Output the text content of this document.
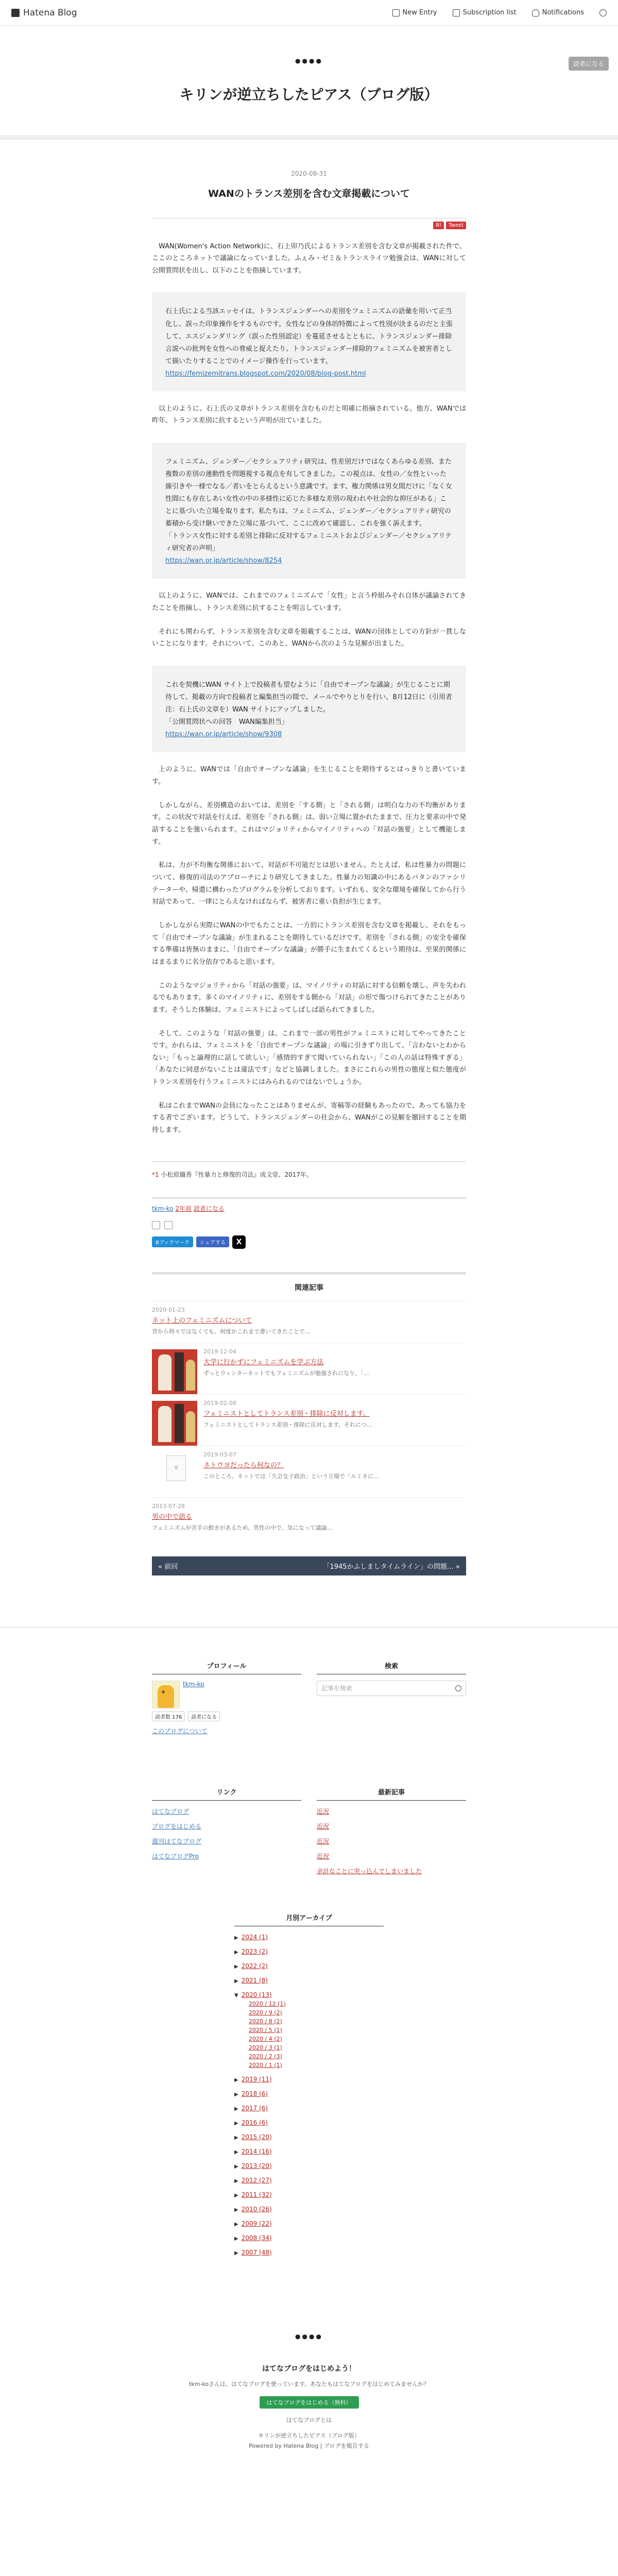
Hatena Blog	New Entry	Subscription list	Notifications
読者になる
●●●●
キリンが逆立ちしたピアス（ブログ版）
2020-08-31
WANのトランス差別を含む文章掲載について
B!	Tweet

WAN(Women's Action Network)に、石上卯乃氏によるトランス差別を含む文章が掲載された件で、ここのところネットで議論になっていました。ふぇみ・ゼミ＆トランスライツ勉強会は、WANに対して公開質問状を出し、以下のことを指摘しています。

石上氏による当該エッセイは、トランスジェンダーへの差別をフェミニズムの語彙を用いて正当化し、誤った印象操作をするものです。女性などの身体的特徴によって性別が決まるのだと主張して、エスジェンダリング（誤った性別認定）を蔓延させるとともに、トランスジェンダー排除言説への批判を女性への脅威と捉えたり、トランスジェンダー排除的フェミニズムを被害者として描いたりすることでのイメージ操作を行っています。
https://femizemitrans.blogspot.com/2020/08/blog-post.html

以上のように、石上氏の文章がトランス差別を含むものだと明確に指摘されている。他方、WANでは昨年、トランス差別に抗するという声明が出ていました。

フェミニズム、ジェンダー／セクシュアリティ研究は、性差別だけではなくあらゆる差別、また複数の差別の連動性を問題視する視点を有してきました。この視点は、女性の／女性といった線引きや一様でなる／者いをとらえるという意識です。ます、権力関係は男女間だけに「なく女性間にも存在しあい女性の中の多様性に応じた多様な差別の現われや社会的な抑圧がある」ことに基づいた立場を取ります。私たちは、フェミニズム、ジェンダー／セクシュアリティ研究の蓄積から受け継いできた立場に基づいて、ここに改めて確認し、これを強く訴えます。
「トランス女性に対する差別と排除に反対するフェミニストおよびジェンダー／セクシュアリティ研究者の声明」
https://wan.or.jp/article/show/8254

以上のように、WANでは、これまでのフェミニズムで「女性」と言う枠組みそれ自体が議論されてきたことを指摘し、トランス差別に抗することを明言しています。

それにも関わらず、トランス差別を含む文章を掲載することは、WANの団体としての方針が一貫しないことになります。それについて、このあと、WANから次のような見解が出ました。

これを契機にWAN サイト上で投稿者も望むように「自由でオープンな議論」が生じることに期待して、掲載の方向で投稿者と編集担当の間で、メールでやりとりを行い、8月12日に（引用者注：石上氏の文章を）WAN サイトにアップしました。
「公開質問状への回答　WAN編集担当」
https://wan.or.jp/article/show/9308

上のように、WANでは「自由でオープンな議論」を生じることを期待するとはっきりと書いています。

しかしながら、差別構造のおいては、差別を「する側」と「される側」は明白な力の不均衡があります。この状況で対話を行えば、差別を「される側」は、弱い立場に置かれたままで、圧力と要求の中で発話することを強いられます。これはマジョリティからマイノリティへの「対話の強要」として機能します。

私は、力が不均衡な関係において、対話が不可能だとは思いません。たとえば、私は性暴力の問題について、修復的司法のアプローチにより研究してきました。性暴力の知識の中にあるパタンのファシリテーターや、帰還に構わったプログラムを分析しております。いずれも、安全な環境を確保してから行う対話であって、一律にとらえなければならず、被害者に重い負担が生じます。

しかしながら実際にWANの中でもたことは、一方的にトランス差別を含む文章を掲載し、それをもって「自由でオープンな議論」が生まれることを期待しているだけです。差別を「される側」の安全を確保する準備は皆無のままに、「自由でオープンな議論」が勝手に生まれてくるという期待は、至果的関係にはまるまりに名分依存であると思います。

このようなマジョリティから「対話の強要」は、マイノリティの対話に対する信頼を壊し、声を失われるでもあります。多くのマイノリティに、差別をする側から「対話」の形で傷つけられてきたことがあります。そうした体験は、フェミニストによってしばしば語られてきました。

そして、このような「対話の強要」は、これまで一部の男性がフェミニストに対してやってきたことです。かれらは、フェミニストを「自由でオープンな議論」の場に引きずり出して、「言わないとわからない」「もっと論理的に話して欲しい」「感情的すぎて聞いていられない」「この人の話は特殊すぎる」「あなたに同意がないことは違法です」などと協調しました。まさにこれらの男性の態度と似た態度がトランス差別を行うフェミニストにはみられるのではないでしょうか。

私はこれまでWANの会員になったことはありませんが、寄稿等の経験もあったので、あっても協力をする者でございます。どうして、トランスジェンダーの社会から、WANがこの見解を撤回することを期待します。

*1 小松原織香『性暴力と修復的司法』成文堂、2017年。
tkm-ko 2年前 読者になる
Bブックマーク	シェアする	X
関連記事
2020-01-23
ネット上のフェミニズムについて
昔から時々ではなくても、何度かこれまで書いてきたことで…
2019-12-04
大学に行かずにフェミニズムを学ぶ方法
ずっとウィンターネットでもフェミニズムが勉強されになり、「…
2019-02-08
フェミニストとしてトランス差別・排除に反対します。
フェミニストとしてトランス差別・排除に反対します。それにつ…
本
2019-03-07
ネトウヨだったら何なの？
このところ、ネットでは「久会女子政治」という立場で「ルミネに…
2013-07-28
男の中で語る
フェミニズムが苦手の動きがあるため、男性の中で、気になって議論…
« 前回	「1945かふしましタイムライン」の問題… »
プロフィール
tkm-ko
読者数 176	読者になる
このブログについて
検索
記事を検索
リンク
はてなブログ
ブログをはじめる
週刊はてなブログ
はてなブログPro
最新記事
近況
近況
近況
近況
余計なことに突っ込んでしまいました
月別アーカイブ
▶ 2024 (1)
▶ 2023 (2)
▶ 2022 (2)
▶ 2021 (8)
▼ 2020 (13)
2020 / 12 (1)
2020 / 9 (2)
2020 / 8 (2)
2020 / 5 (1)
2020 / 4 (2)
2020 / 3 (1)
2020 / 2 (3)
2020 / 1 (1)
▶ 2019 (11)
▶ 2018 (6)
▶ 2017 (6)
▶ 2016 (6)
▶ 2015 (20)
▶ 2014 (16)
▶ 2013 (20)
▶ 2012 (27)
▶ 2011 (32)
▶ 2010 (26)
▶ 2009 (22)
▶ 2008 (34)
▶ 2007 (48)
●●●●
はてなブログをはじめよう！
tkm-koさんは、はてなブログを使っています。あなたもはてなブログをはじめてみませんか？
はてなブログをはじめる（無料）
はてなブログとは
キリンが逆立ちしたピアス（ブログ版）
Powered by Hatena Blog | ブログを報告する
